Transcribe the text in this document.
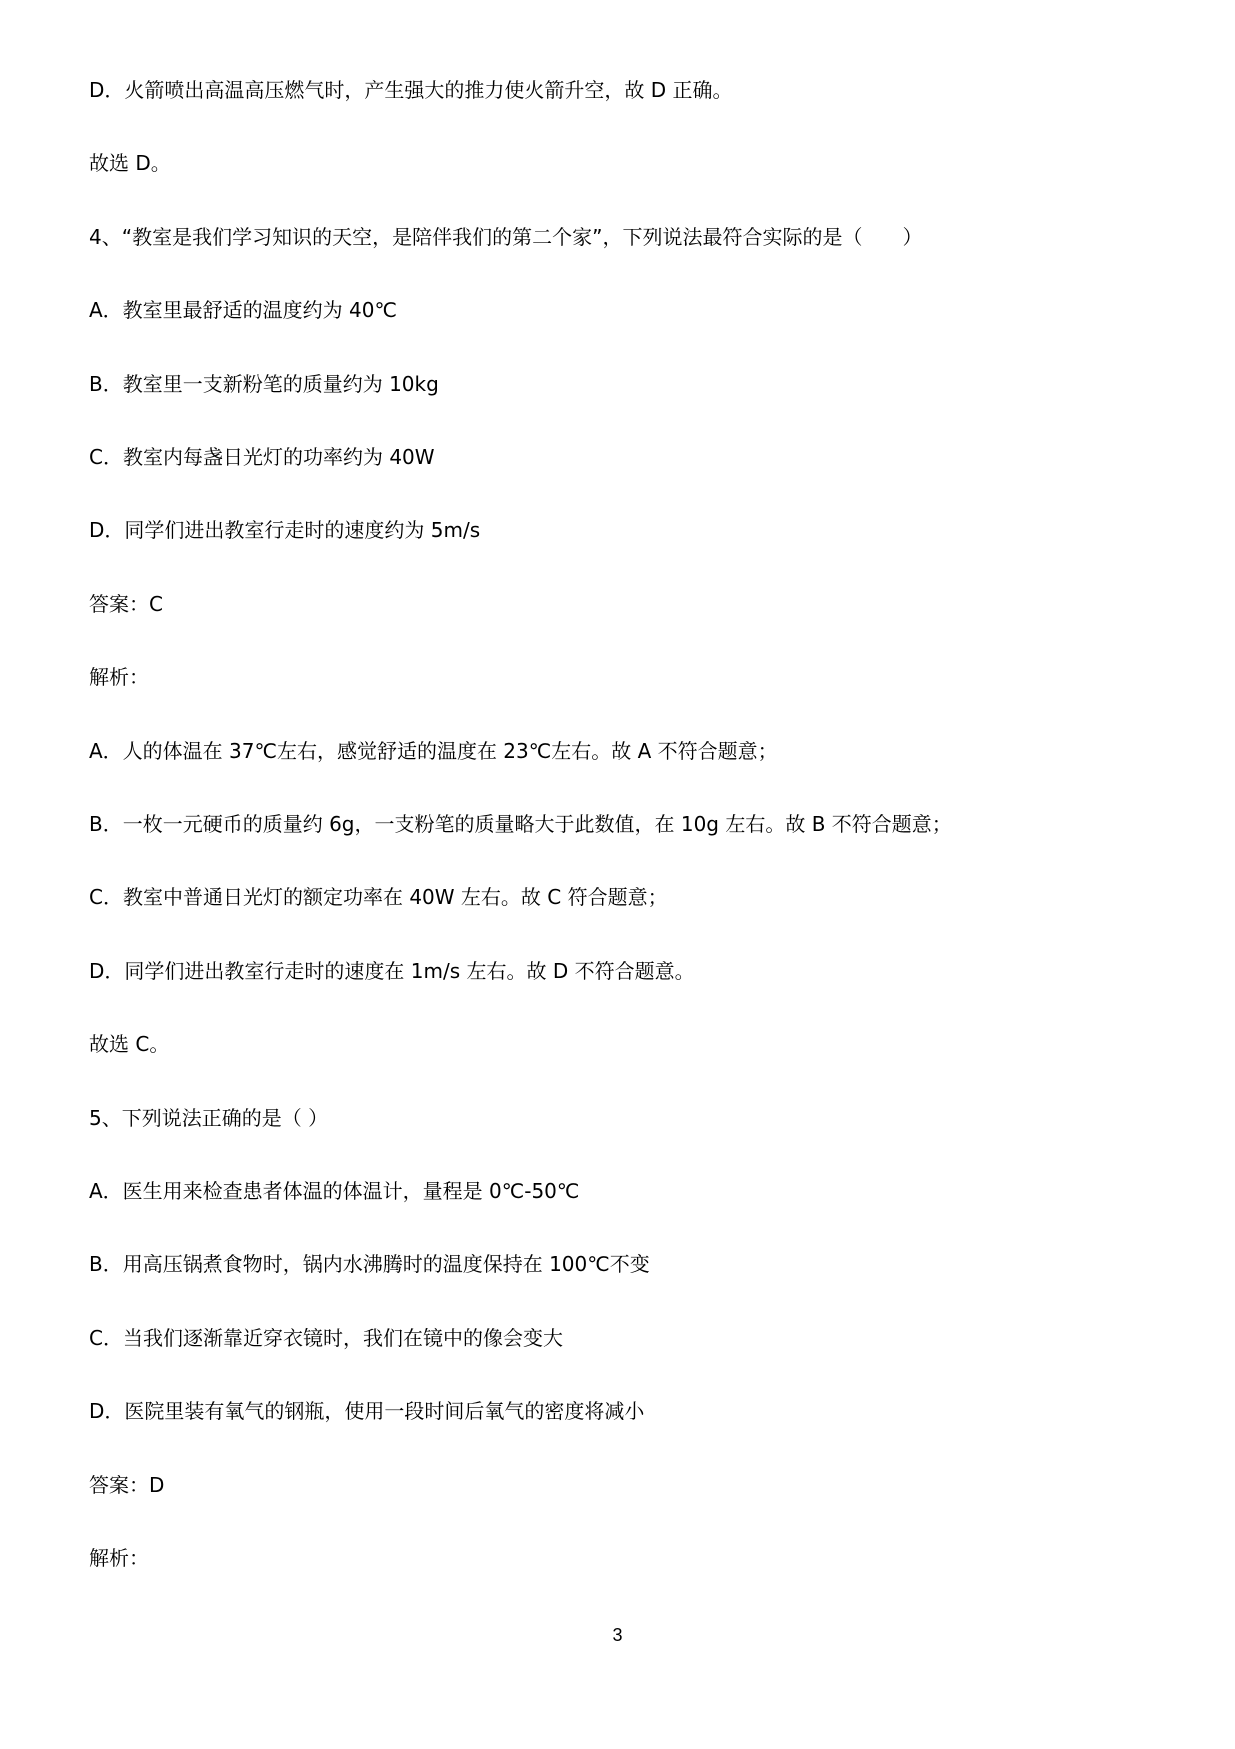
D．火箭喷出高温高压燃气时，产生强大的推力使火箭升空，故 D 正确。
故选 D。
4、“教室是我们学习知识的天空，是陪伴我们的第二个家”，下列说法最符合实际的是（　　）
A．教室里最舒适的温度约为 40℃
B．教室里一支新粉笔的质量约为 10kg
C．教室内每盏日光灯的功率约为 40W
D．同学们进出教室行走时的速度约为 5m/s
答案：C
解析：
A．人的体温在 37℃左右，感觉舒适的温度在 23℃左右。故 A 不符合题意；
B．一枚一元硬币的质量约 6g，一支粉笔的质量略大于此数值，在 10g 左右。故 B 不符合题意；
C．教室中普通日光灯的额定功率在 40W 左右。故 C 符合题意；
D．同学们进出教室行走时的速度在 1m/s 左右。故 D 不符合题意。
故选 C。
5、下列说法正确的是（ ）
A．医生用来检查患者体温的体温计，量程是 0℃-50℃
B．用高压锅煮食物时，锅内水沸腾时的温度保持在 100℃不变
C．当我们逐渐靠近穿衣镜时，我们在镜中的像会变大
D．医院里装有氧气的钢瓶，使用一段时间后氧气的密度将减小
答案：D
解析：
3
